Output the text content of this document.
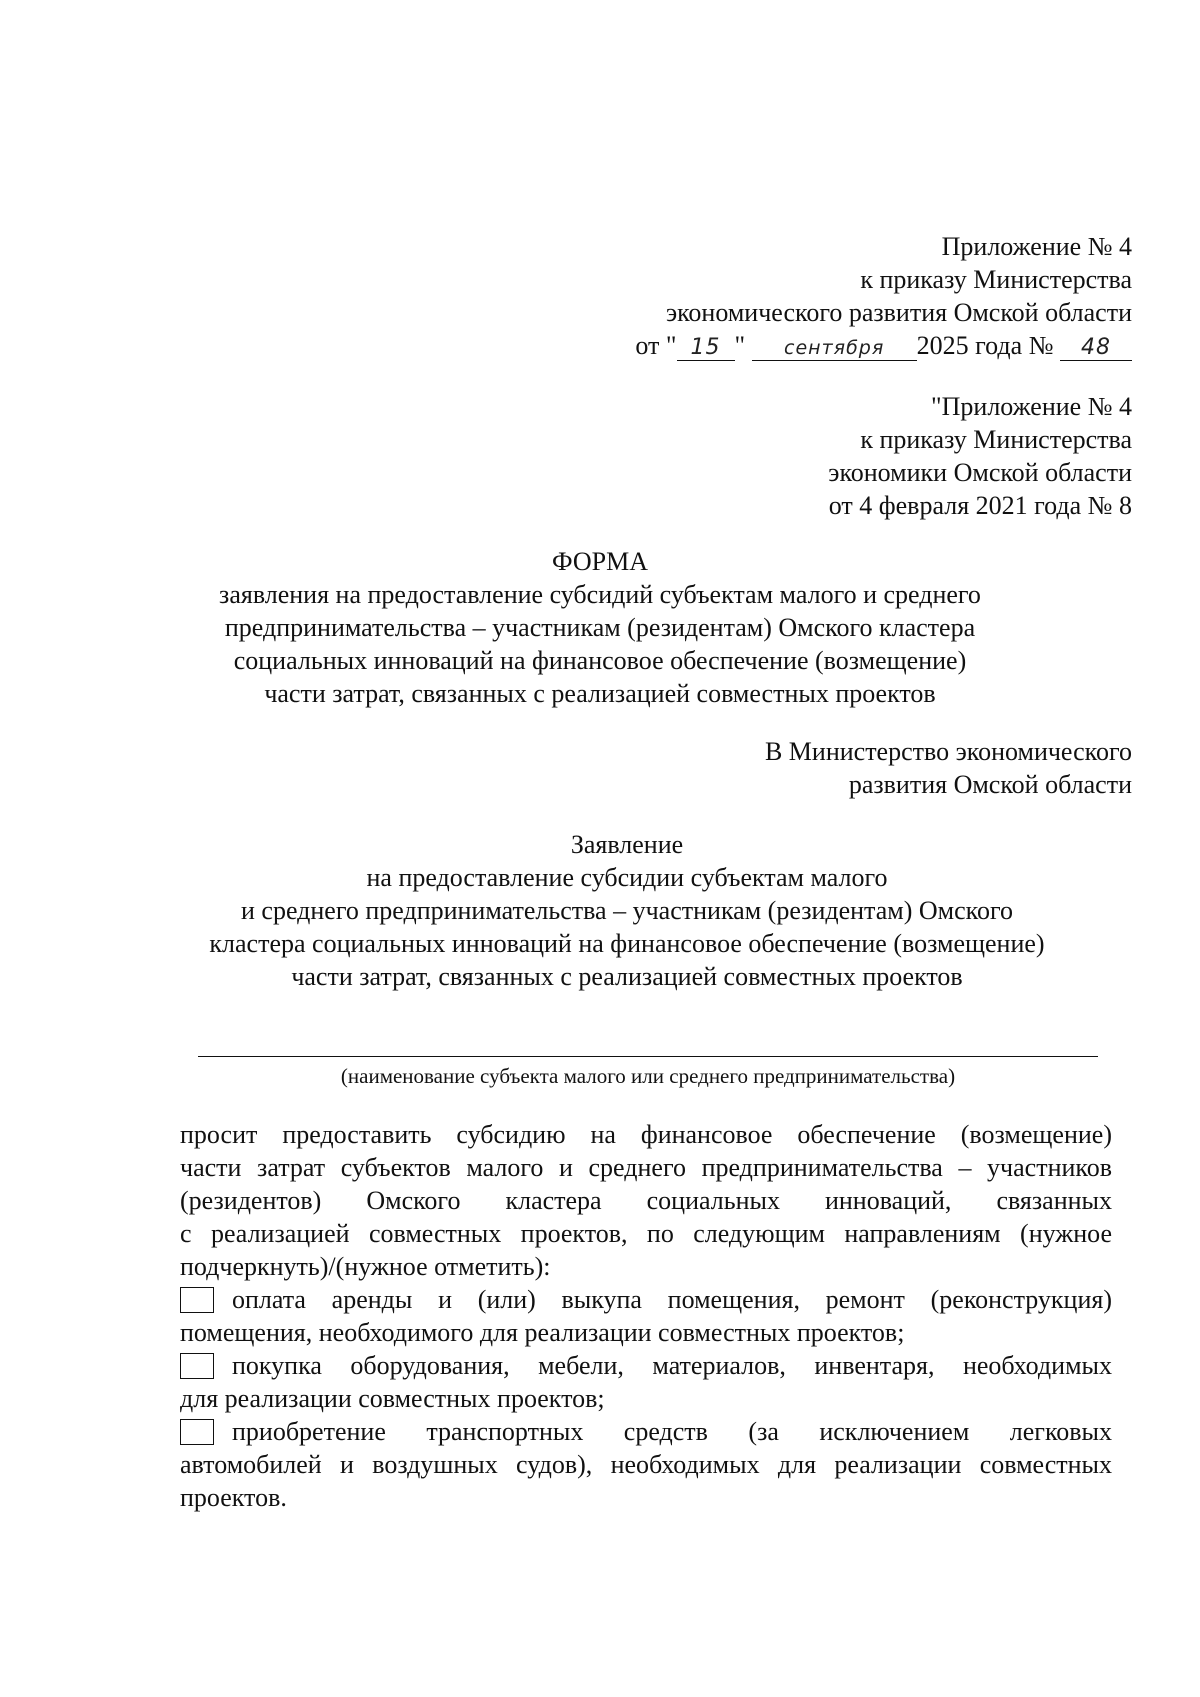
Приложение № 4
к приказу Министерства
экономического развития Омской области
от " 15 " сентября 2025 года № 48
"Приложение № 4
к приказу Министерства
экономики Омской области
от 4 февраля 2021 года № 8
ФОРМА
заявления на предоставление субсидий субъектам малого и среднего
предпринимательства – участникам (резидентам) Омского кластера
социальных инноваций на финансовое обеспечение (возмещение)
части затрат, связанных с реализацией совместных проектов
В Министерство экономического
развития Омской области
Заявление
на предоставление субсидии субъектам малого
и среднего предпринимательства – участникам (резидентам) Омского
кластера социальных инноваций на финансовое обеспечение (возмещение)
части затрат, связанных с реализацией совместных проектов
(наименование субъекта малого или среднего предпринимательства)
просит предоставить субсидию на финансовое обеспечение (возмещение)
части затрат субъектов малого и среднего предпринимательства – участников
(резидентов) Омского кластера социальных инноваций, связанных
с реализацией совместных проектов, по следующим направлениям (нужное
подчеркнуть)/(нужное отметить):
оплата аренды и (или) выкупа помещения, ремонт (реконструкция)
помещения, необходимого для реализации совместных проектов;
покупка оборудования, мебели, материалов, инвентаря, необходимых
для реализации совместных проектов;
приобретение транспортных средств (за исключением легковых
автомобилей и воздушных судов), необходимых для реализации совместных
проектов.
